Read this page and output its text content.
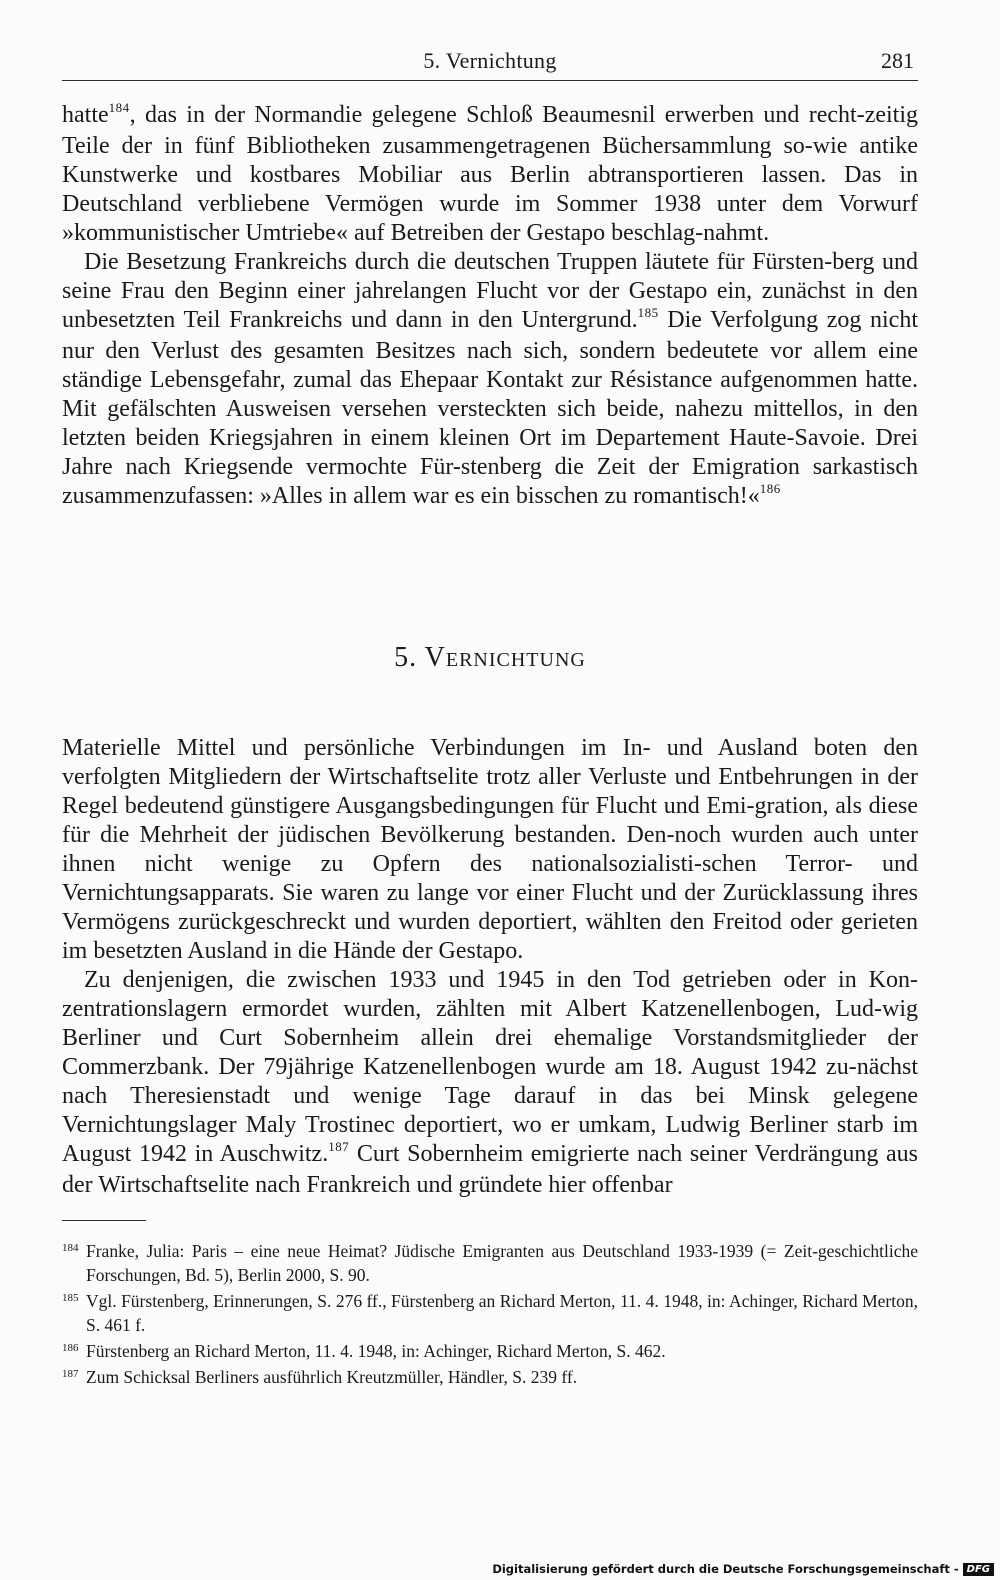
5. Vernichtung	281

hatte$^{184}$, das in der Normandie gelegene Schloß Beaumesnil erwerben und recht-zeitig Teile der in fünf Bibliotheken zusammengetragenen Büchersammlung so-wie antike Kunstwerke und kostbares Mobiliar aus Berlin abtransportieren lassen. Das in Deutschland verbliebene Vermögen wurde im Sommer 1938 unter dem Vorwurf »kommunistischer Umtriebe« auf Betreiben der Gestapo beschlag-nahmt.

Die Besetzung Frankreichs durch die deutschen Truppen läutete für Fürsten-berg und seine Frau den Beginn einer jahrelangen Flucht vor der Gestapo ein, zunächst in den unbesetzten Teil Frankreichs und dann in den Untergrund.$^{185}$ Die Verfolgung zog nicht nur den Verlust des gesamten Besitzes nach sich, sondern bedeutete vor allem eine ständige Lebensgefahr, zumal das Ehepaar Kontakt zur Résistance aufgenommen hatte. Mit gefälschten Ausweisen versehen versteckten sich beide, nahezu mittellos, in den letzten beiden Kriegsjahren in einem kleinen Ort im Departement Haute-Savoie. Drei Jahre nach Kriegsende vermochte Für-stenberg die Zeit der Emigration sarkastisch zusammenzufassen: »Alles in allem war es ein bisschen zu romantisch!«$^{186}$

5. Vernichtung

Materielle Mittel und persönliche Verbindungen im In- und Ausland boten den verfolgten Mitgliedern der Wirtschaftselite trotz aller Verluste und Entbehrungen in der Regel bedeutend günstigere Ausgangsbedingungen für Flucht und Emi-gration, als diese für die Mehrheit der jüdischen Bevölkerung bestanden. Den-noch wurden auch unter ihnen nicht wenige zu Opfern des nationalsozialisti-schen Terror- und Vernichtungsapparats. Sie waren zu lange vor einer Flucht und der Zurücklassung ihres Vermögens zurückgeschreckt und wurden deportiert, wählten den Freitod oder gerieten im besetzten Ausland in die Hände der Gestapo.

Zu denjenigen, die zwischen 1933 und 1945 in den Tod getrieben oder in Kon-zentrationslagern ermordet wurden, zählten mit Albert Katzenellenbogen, Lud-wig Berliner und Curt Sobernheim allein drei ehemalige Vorstandsmitglieder der Commerzbank. Der 79jährige Katzenellenbogen wurde am 18. August 1942 zu-nächst nach Theresienstadt und wenige Tage darauf in das bei Minsk gelegene Vernichtungslager Maly Trostinec deportiert, wo er umkam, Ludwig Berliner starb im August 1942 in Auschwitz.$^{187}$ Curt Sobernheim emigrierte nach seiner Verdrängung aus der Wirtschaftselite nach Frankreich und gründete hier offenbar

184 Franke, Julia: Paris – eine neue Heimat? Jüdische Emigranten aus Deutschland 1933-1939 (= Zeit-geschichtliche Forschungen, Bd. 5), Berlin 2000, S. 90.

185 Vgl. Fürstenberg, Erinnerungen, S. 276 ff., Fürstenberg an Richard Merton, 11. 4. 1948, in: Achinger, Richard Merton, S. 461 f.

186 Fürstenberg an Richard Merton, 11. 4. 1948, in: Achinger, Richard Merton, S. 462.

187 Zum Schicksal Berliners ausführlich Kreutzmüller, Händler, S. 239 ff.

Digitalisierung gefördert durch die Deutsche Forschungsgemeinschaft - DFG
